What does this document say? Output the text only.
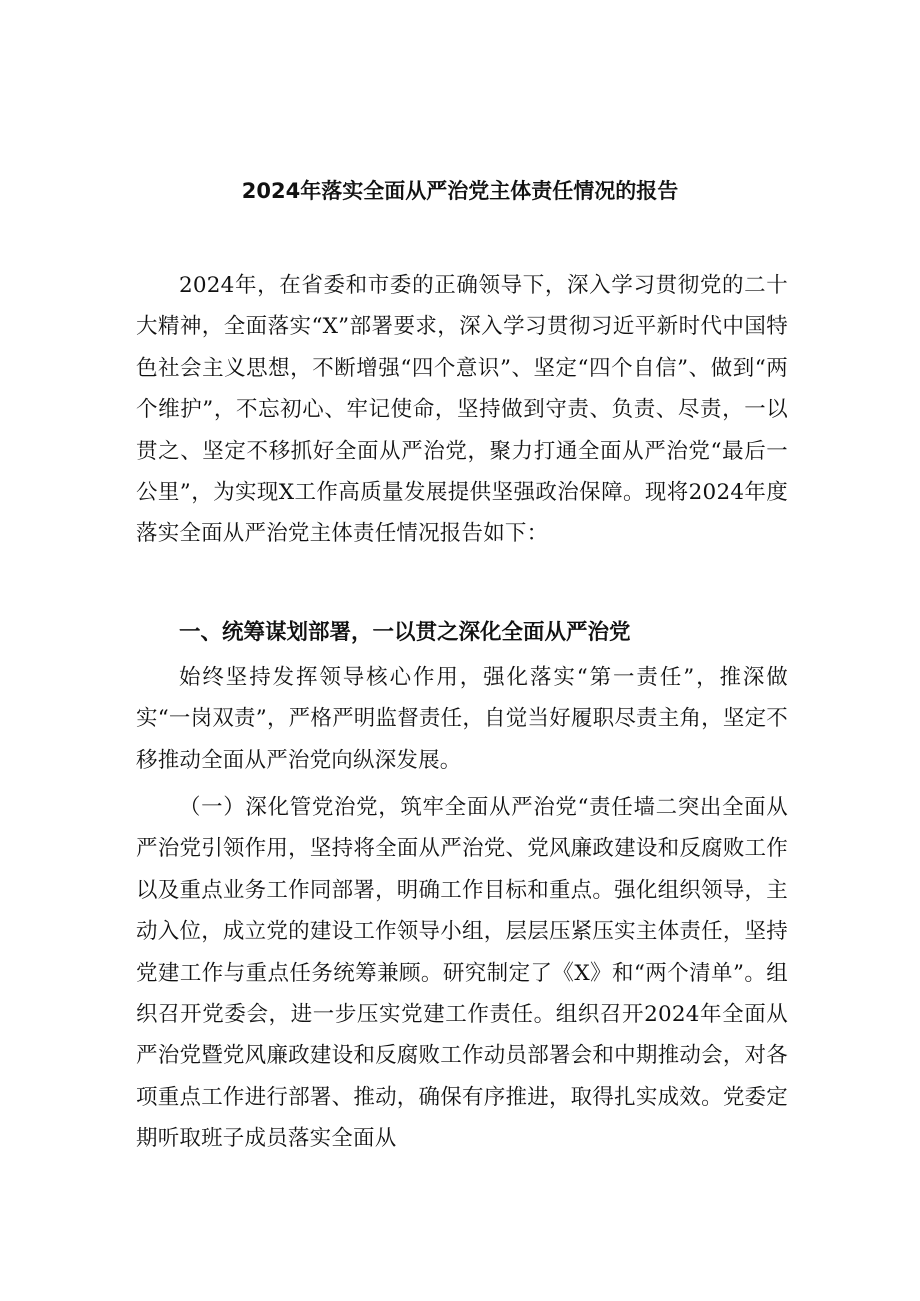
2024年落实全面从严治党主体责任情况的报告

2024年，在省委和市委的正确领导下，深入学习贯彻党的二十大精神，全面落实“X”部署要求，深入学习贯彻习近平新时代中国特色社会主义思想，不断增强“四个意识”、坚定“四个自信”、做到“两个维护”，不忘初心、牢记使命，坚持做到守责、负责、尽责，一以贯之、坚定不移抓好全面从严治党，聚力打通全面从严治党“最后一公里”，为实现X工作高质量发展提供坚强政治保障。现将2024年度落实全面从严治党主体责任情况报告如下：

一、统筹谋划部署，一以贯之深化全面从严治党

始终坚持发挥领导核心作用，强化落实“第一责任”，推深做实“一岗双责”，严格严明监督责任，自觉当好履职尽责主角，坚定不移推动全面从严治党向纵深发展。

（一）深化管党治党，筑牢全面从严治党“责任墙二突出全面从严治党引领作用，坚持将全面从严治党、党风廉政建设和反腐败工作以及重点业务工作同部署，明确工作目标和重点。强化组织领导，主动入位，成立党的建设工作领导小组，层层压紧压实主体责任，坚持党建工作与重点任务统筹兼顾。研究制定了《X》和“两个清单”。组织召开党委会，进一步压实党建工作责任。组织召开2024年全面从严治党暨党风廉政建设和反腐败工作动员部署会和中期推动会，对各项重点工作进行部署、推动，确保有序推进，取得扎实成效。党委定期听取班子成员落实全面从
